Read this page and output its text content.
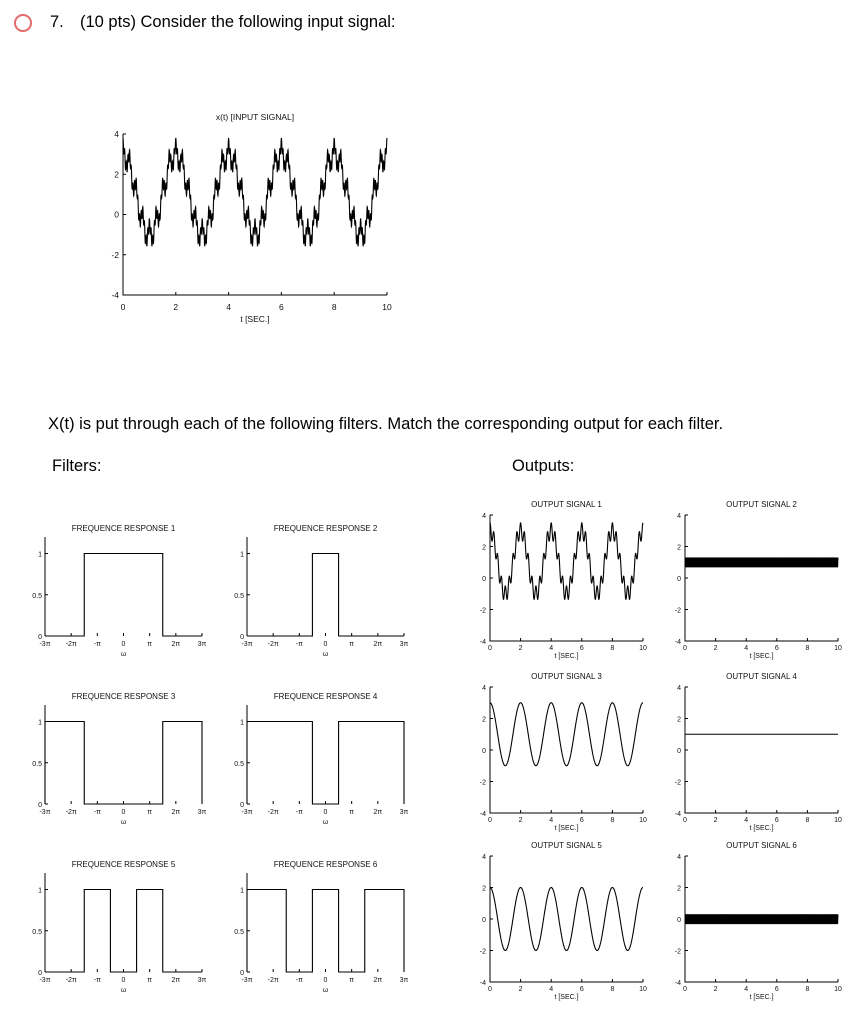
7. (10 pts) Consider the following input signal:
x(t) [INPUT SIGNAL]
0	2	4	6	8	10
4
2
0
-2
-4
t [SEC.]
X(t) is put through each of the following filters. Match the corresponding output for each filter.
Filters:	Outputs:
FREQUENCE RESPONSE 1
1
0.5
0
-3π -2π -π	0	π	2π 3π
ω
FREQUENCE RESPONSE 2
1
0.5
0
-3π -2π -π	0	π	2π 3π
ω
FREQUENCE RESPONSE 3
1
0.5
0
-3π -2π -π	0	π	2π 3π
ω
FREQUENCE RESPONSE 4
1
0.5
0
-3π -2π -π	0	π	2π 3π
ω
FREQUENCE RESPONSE 5
1
0.5
0
-3π -2π -π	0	π	2π 3π
ω
FREQUENCE RESPONSE 6
1
0.5
0
-3π -2π -π	0	π	2π 3π
ω
OUTPUT SIGNAL 1
0	2	4	6	8	10
4
2
0
-2
-4
t [SEC.]
OUTPUT SIGNAL 2
0	2	4	6	8	10
4
2
0
-2
-4
t [SEC.]
OUTPUT SIGNAL 3
0	2	4	6	8	10
4
2
0
-2
-4
t [SEC.]
OUTPUT SIGNAL 4
0	2	4	6	8	10
4
2
0
-2
-4
t [SEC.]
OUTPUT SIGNAL 5
0	2	4	6	8	10
4
2
0
-2
-4
t [SEC.]
OUTPUT SIGNAL 6
0	2	4	6	8	10
4
2
0
-2
-4
t [SEC.]
